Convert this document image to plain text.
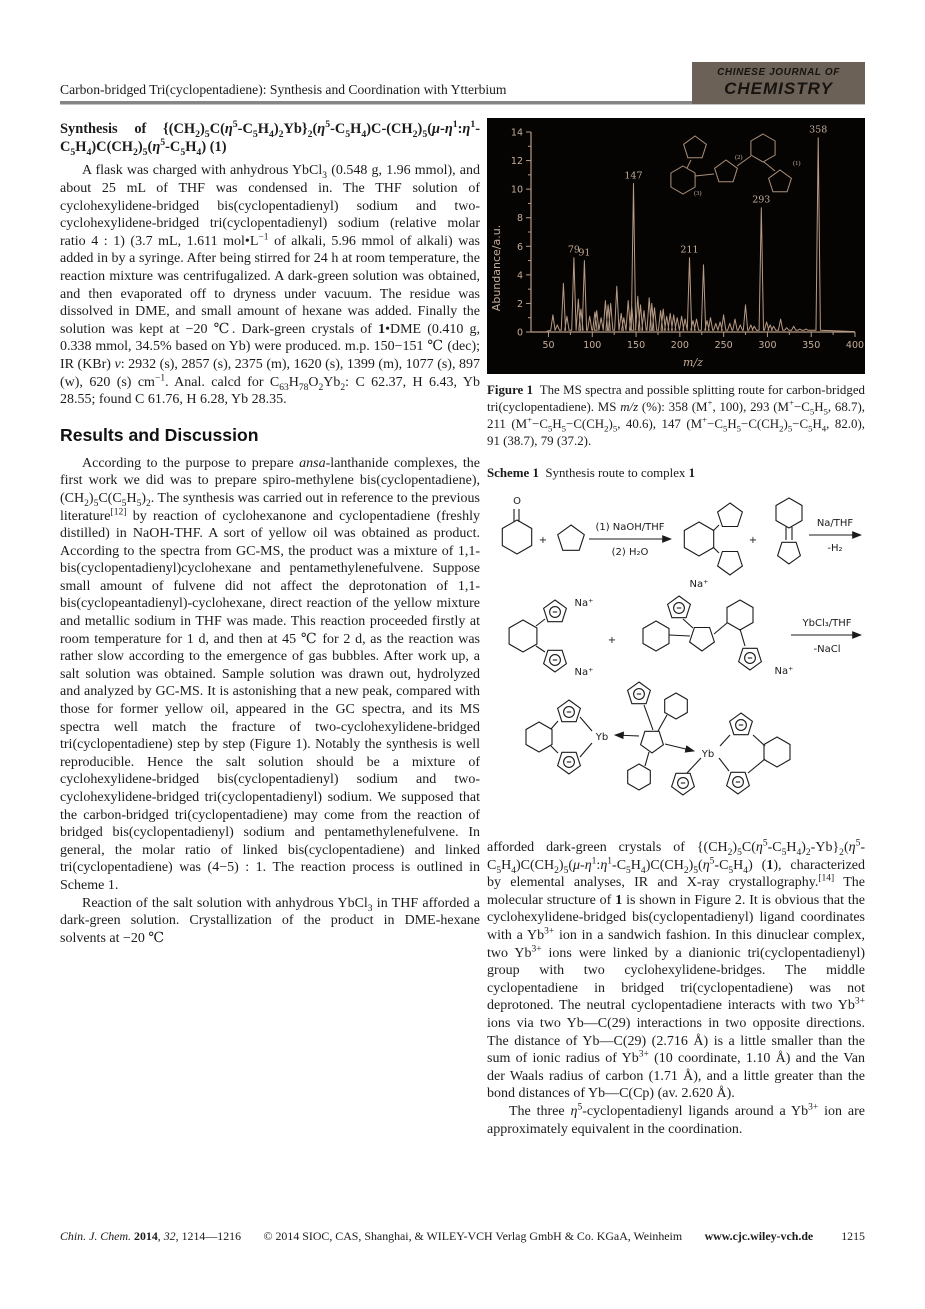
Carbon-bridged Tri(cyclopentadiene): Synthesis and Coordination with Ytterbium
CHINESE JOURNAL OF
CHEMISTRY
Synthesis of $\{(CH_2)_5C(\eta^5-C_5H_4)_2Yb\}_2(\eta^5-C_5H_4)C-(CH_2)_5(\mu-\eta^1:\eta^1-C_5H_4)C(CH_2)_5(\eta^5-C_5H_4)$ (1)

A flask was charged with anhydrous YbCl$_3$ (0.548 g, 1.96 mmol), and about 25 mL of THF was condensed in. The THF solution of cyclohexylidene-bridged bis(cyclopentadienyl) sodium and two-cyclohexylidene-bridged tri(cyclopentadienyl) sodium (relative molar ratio 4 : 1) (3.7 mL, 1.611 $mol•L^{-1}$ of alkali, 5.96 mmol of alkali) was added in by a syringe. After being stirred for 24 h at room temperature, the reaction mixture was centrifugalized. A dark-green solution was obtained, and then evaporated off to dryness under vacuum. The residue was dissolved in DME, and small amount of hexane was added. Finally the solution was kept at −20 ℃. Dark-green crystals of 1•DME (0.410 g, 0.338 mmol, 34.5% based on Yb) were produced. m.p. 150−151 ℃ (dec); IR (KBr) v: 2932 (s), 2857 (s), 2375 (m), 1620 (s), 1399 (m), 1077 (s), 897 (w), 620 (s) $cm^{-1}$. Anal. calcd for $C_{63}H_{78}O_2Yb_2$: C 62.37, H 6.43, Yb 28.55; found C 61.76, H 6.28, Yb 28.35.

Results and Discussion

According to the purpose to prepare ansa-lanthanide complexes, the first work we did was to prepare spiro-methylene bis(cyclopentadiene), $(CH_2)_5C(C_5H_5)_2$. The synthesis was carried out in reference to the previous literature[12] by reaction of cyclohexanone and cyclopentadiene (freshly distilled) in NaOH-THF. A sort of yellow oil was obtained as product. According to the spectra from GC-MS, the product was a mixture of 1,1-bis(cyclopentadienyl)cyclohexane and pentamethylenefulvene. Suppose small amount of fulvene did not affect the deprotonation of 1,1-bis(cyclopeantadienyl)-cyclohexane, direct reaction of the yellow mixture and metallic sodium in THF was made. This reaction proceeded firstly at room temperature for 1 d, and then at 45 ℃ for 2 d, as the reaction was rather slow according to the emergence of gas bubbles. After work up, a salt solution was obtained. Sample solution was drawn out, hydrolyzed and analyzed by GC-MS. It is astonishing that a new peak, compared with those for former yellow oil, appeared in the GC spectra, and its MS spectra well match the fracture of two-cyclohexylidene-bridged tri(cyclopentadiene) step by step (Figure 1). Notably the synthesis is well reproducible. Hence the salt solution should be a mixture of cyclohexylidene-bridged bis(cyclopentadienyl) sodium and two-cyclohexylidene-bridged tri(cyclopentadienyl) sodium. We supposed that the carbon-bridged tri(cyclopentadiene) may come from the reaction of bridged bis(cyclopentadienyl) sodium and pentamethylenefulvene. In general, the molar ratio of linked bis(cyclopentadiene) and linked tri(cyclopentadiene) was (4−5) : 1. The reaction process is outlined in Scheme 1.

Reaction of the salt solution with anhydrous YbCl$_3$ in THF afforded a dark-green solution. Crystallization of the product in DME-hexane solvents at −20 ℃

50	100	150	200	250	300	350	400
0
2
4
6
8
10
12
14
Abundance/a.u.
m/z
79
91
147
211
293
358
(1)
(2)
(3)
Figure 1  The MS spectra and possible splitting route for carbon-bridged tri(cyclopentadiene). MS m/z (%): 358 (M+, 100), 293 ($M^+-C_5H_5$, 68.7), 211 ($M^+-C_5H_5-C(CH_2)_5$, 40.6), 147 ($M^+-C_5H_5-C(CH_2)_5-C_5H_4$, 82.0), 91 (38.7), 79 (37.2).
Scheme 1  Synthesis route to complex 1
O
+
(1) NaOH/THF
(2) H₂O
Na/THF
-H₂
+
Na⁺
Na⁺
+
Na⁺
Na⁺
YbCl₃/THF
-NaCl
Yb
Yb

afforded dark-green crystals of $\{(CH_2)_5C(\eta^5-C_5H_4)_2-Yb\}_2(\eta^5-C_5H_4)C(CH_2)_5(\mu-\eta^1:\eta^1-C_5H_4)C(CH_2)_5(\eta^5-C_5H_4)$ (1), characterized by elemental analyses, IR and X-ray crystallography.[14] The molecular structure of 1 is shown in Figure 2. It is obvious that the cyclohexylidene-bridged bis(cyclopentadienyl) ligand coordinates with a $Yb^{3+}$ ion in a sandwich fashion. In this dinuclear complex, two $Yb^{3+}$ ions were linked by a dianionic tri(cyclopentadienyl) group with two cyclohexylidene-bridges. The middle cyclopentadiene in bridged tri(cyclopentadiene) was not deprotoned. The neutral cyclopentadiene interacts with two $Yb^{3+}$ ions via two Yb—C(29) interactions in two opposite directions. The distance of Yb—C(29) (2.716 Å) is a little smaller than the sum of ionic radius of $Yb^{3+}$ (10 coordinate, 1.10 Å) and the Van der Waals radius of carbon (1.71 Å), and a little greater than the bond distances of Yb—C(Cp) (av. 2.620 Å).

The three $\eta^5$-cyclopentadienyl ligands around a $Yb^{3+}$ ion are approximately equivalent in the coordination.

Chin. J. Chem. 2014, 32, 1214—1216	© 2014 SIOC, CAS, Shanghai, & WILEY-VCH Verlag GmbH & Co. KGaA, Weinheim	www.cjc.wiley-vch.de 1215
